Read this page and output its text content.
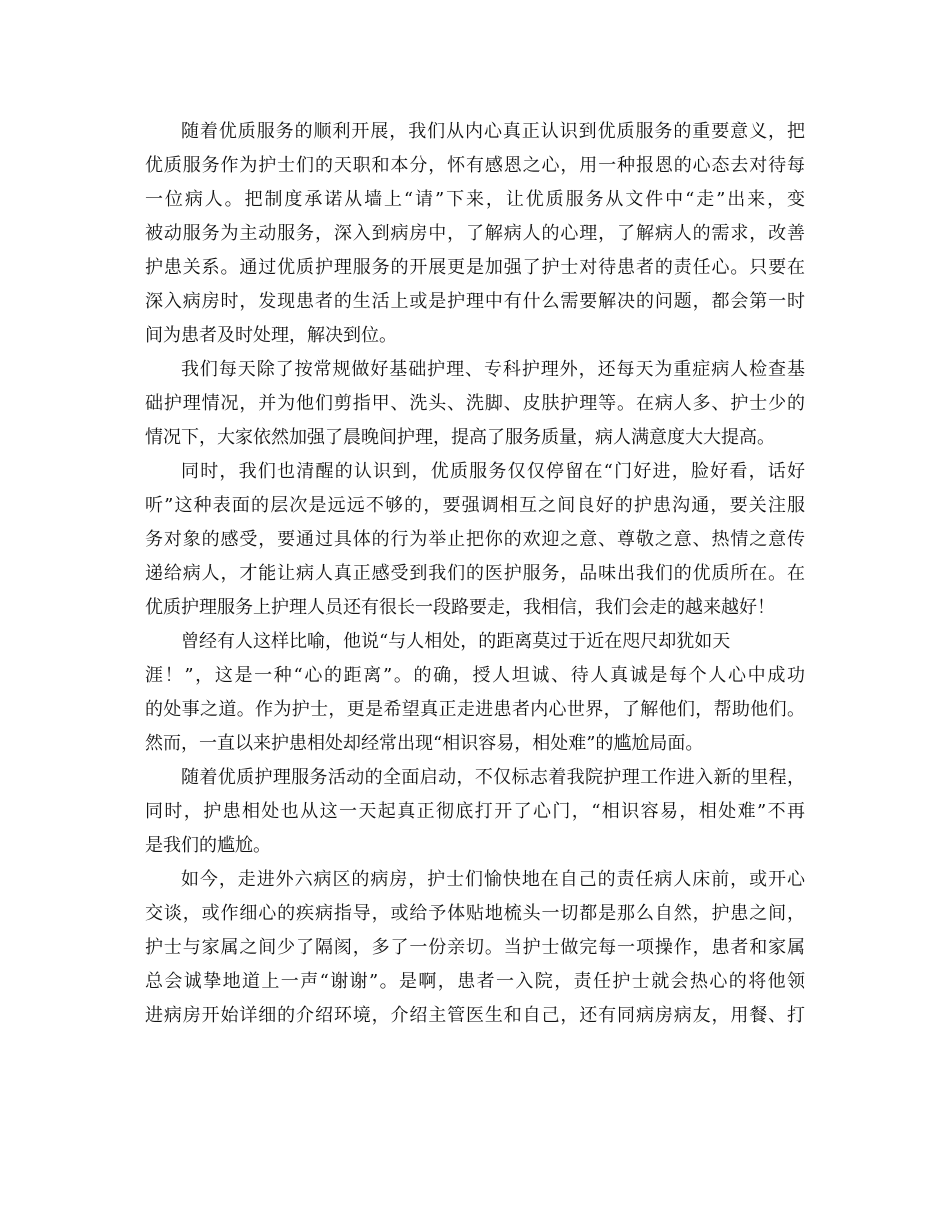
随着优质服务的顺利开展，我们从内心真正认识到优质服务的重要意义，把
优质服务作为护士们的天职和本分，怀有感恩之心，用一种报恩的心态去对待每
一位病人。把制度承诺从墙上“请”下来，让优质服务从文件中“走”出来，变
被动服务为主动服务，深入到病房中，了解病人的心理，了解病人的需求，改善
护患关系。通过优质护理服务的开展更是加强了护士对待患者的责任心。只要在
深入病房时，发现患者的生活上或是护理中有什么需要解决的问题，都会第一时
间为患者及时处理，解决到位。
我们每天除了按常规做好基础护理、专科护理外，还每天为重症病人检查基
础护理情况，并为他们剪指甲、洗头、洗脚、皮肤护理等。在病人多、护士少的
情况下，大家依然加强了晨晚间护理，提高了服务质量，病人满意度大大提高。
同时，我们也清醒的认识到，优质服务仅仅停留在“门好进，脸好看，话好
听”这种表面的层次是远远不够的，要强调相互之间良好的护患沟通，要关注服
务对象的感受，要通过具体的行为举止把你的欢迎之意、尊敬之意、热情之意传
递给病人，才能让病人真正感受到我们的医护服务，品味出我们的优质所在。在
优质护理服务上护理人员还有很长一段路要走，我相信，我们会走的越来越好！
曾经有人这样比喻，他说“与人相处，的距离莫过于近在咫尺却犹如天
涯！”，这是一种“心的距离”。的确，授人坦诚、待人真诚是每个人心中成功
的处事之道。作为护士，更是希望真正走进患者内心世界，了解他们，帮助他们。
然而，一直以来护患相处却经常出现“相识容易，相处难”的尴尬局面。
随着优质护理服务活动的全面启动，不仅标志着我院护理工作进入新的里程，
同时，护患相处也从这一天起真正彻底打开了心门，“相识容易，相处难”不再
是我们的尴尬。
如今，走进外六病区的病房，护士们愉快地在自己的责任病人床前，或开心
交谈，或作细心的疾病指导，或给予体贴地梳头一切都是那么自然，护患之间，
护士与家属之间少了隔阂，多了一份亲切。当护士做完每一项操作，患者和家属
总会诚挚地道上一声“谢谢”。是啊，患者一入院，责任护士就会热心的将他领
进病房开始详细的介绍环境，介绍主管医生和自己，还有同病房病友，用餐、打
